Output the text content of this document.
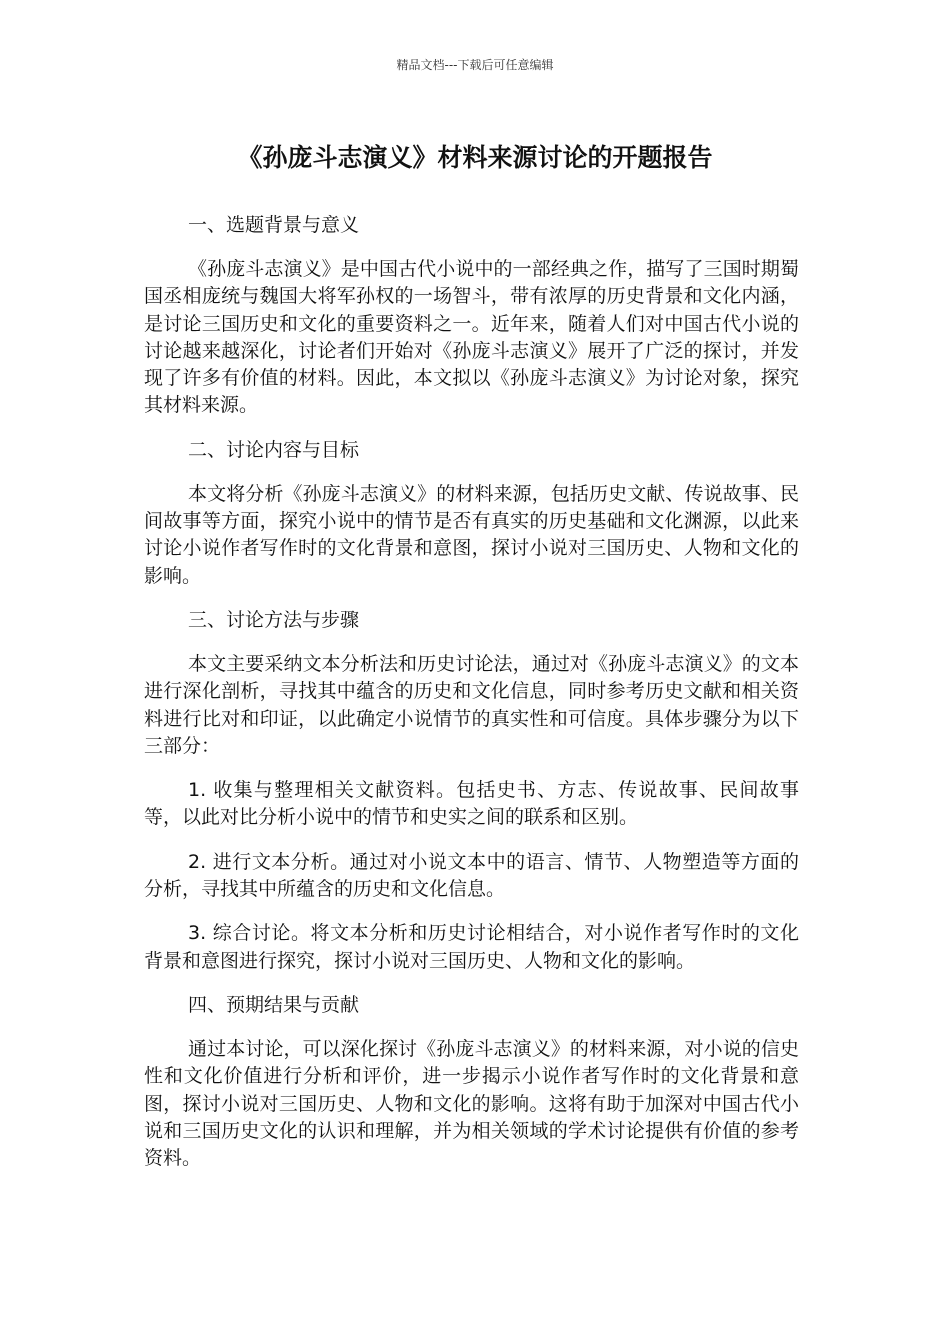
精品文档---下载后可任意编辑
《孙庞斗志演义》材料来源讨论的开题报告
一、选题背景与意义

《孙庞斗志演义》是中国古代小说中的一部经典之作，描写了三国时期蜀国丞相庞统与魏国大将军孙权的一场智斗，带有浓厚的历史背景和文化内涵，是讨论三国历史和文化的重要资料之一。近年来，随着人们对中国古代小说的讨论越来越深化，讨论者们开始对《孙庞斗志演义》展开了广泛的探讨，并发现了许多有价值的材料。因此，本文拟以《孙庞斗志演义》为讨论对象，探究其材料来源。

二、讨论内容与目标

本文将分析《孙庞斗志演义》的材料来源，包括历史文献、传说故事、民间故事等方面，探究小说中的情节是否有真实的历史基础和文化渊源，以此来讨论小说作者写作时的文化背景和意图，探讨小说对三国历史、人物和文化的影响。

三、讨论方法与步骤

本文主要采纳文本分析法和历史讨论法，通过对《孙庞斗志演义》的文本进行深化剖析，寻找其中蕴含的历史和文化信息，同时参考历史文献和相关资料进行比对和印证，以此确定小说情节的真实性和可信度。具体步骤分为以下三部分：

1. 收集与整理相关文献资料。包括史书、方志、传说故事、民间故事等，以此对比分析小说中的情节和史实之间的联系和区别。

2. 进行文本分析。通过对小说文本中的语言、情节、人物塑造等方面的分析，寻找其中所蕴含的历史和文化信息。

3. 综合讨论。将文本分析和历史讨论相结合，对小说作者写作时的文化背景和意图进行探究，探讨小说对三国历史、人物和文化的影响。

四、预期结果与贡献

通过本讨论，可以深化探讨《孙庞斗志演义》的材料来源，对小说的信史性和文化价值进行分析和评价，进一步揭示小说作者写作时的文化背景和意图，探讨小说对三国历史、人物和文化的影响。这将有助于加深对中国古代小说和三国历史文化的认识和理解，并为相关领域的学术讨论提供有价值的参考资料。
